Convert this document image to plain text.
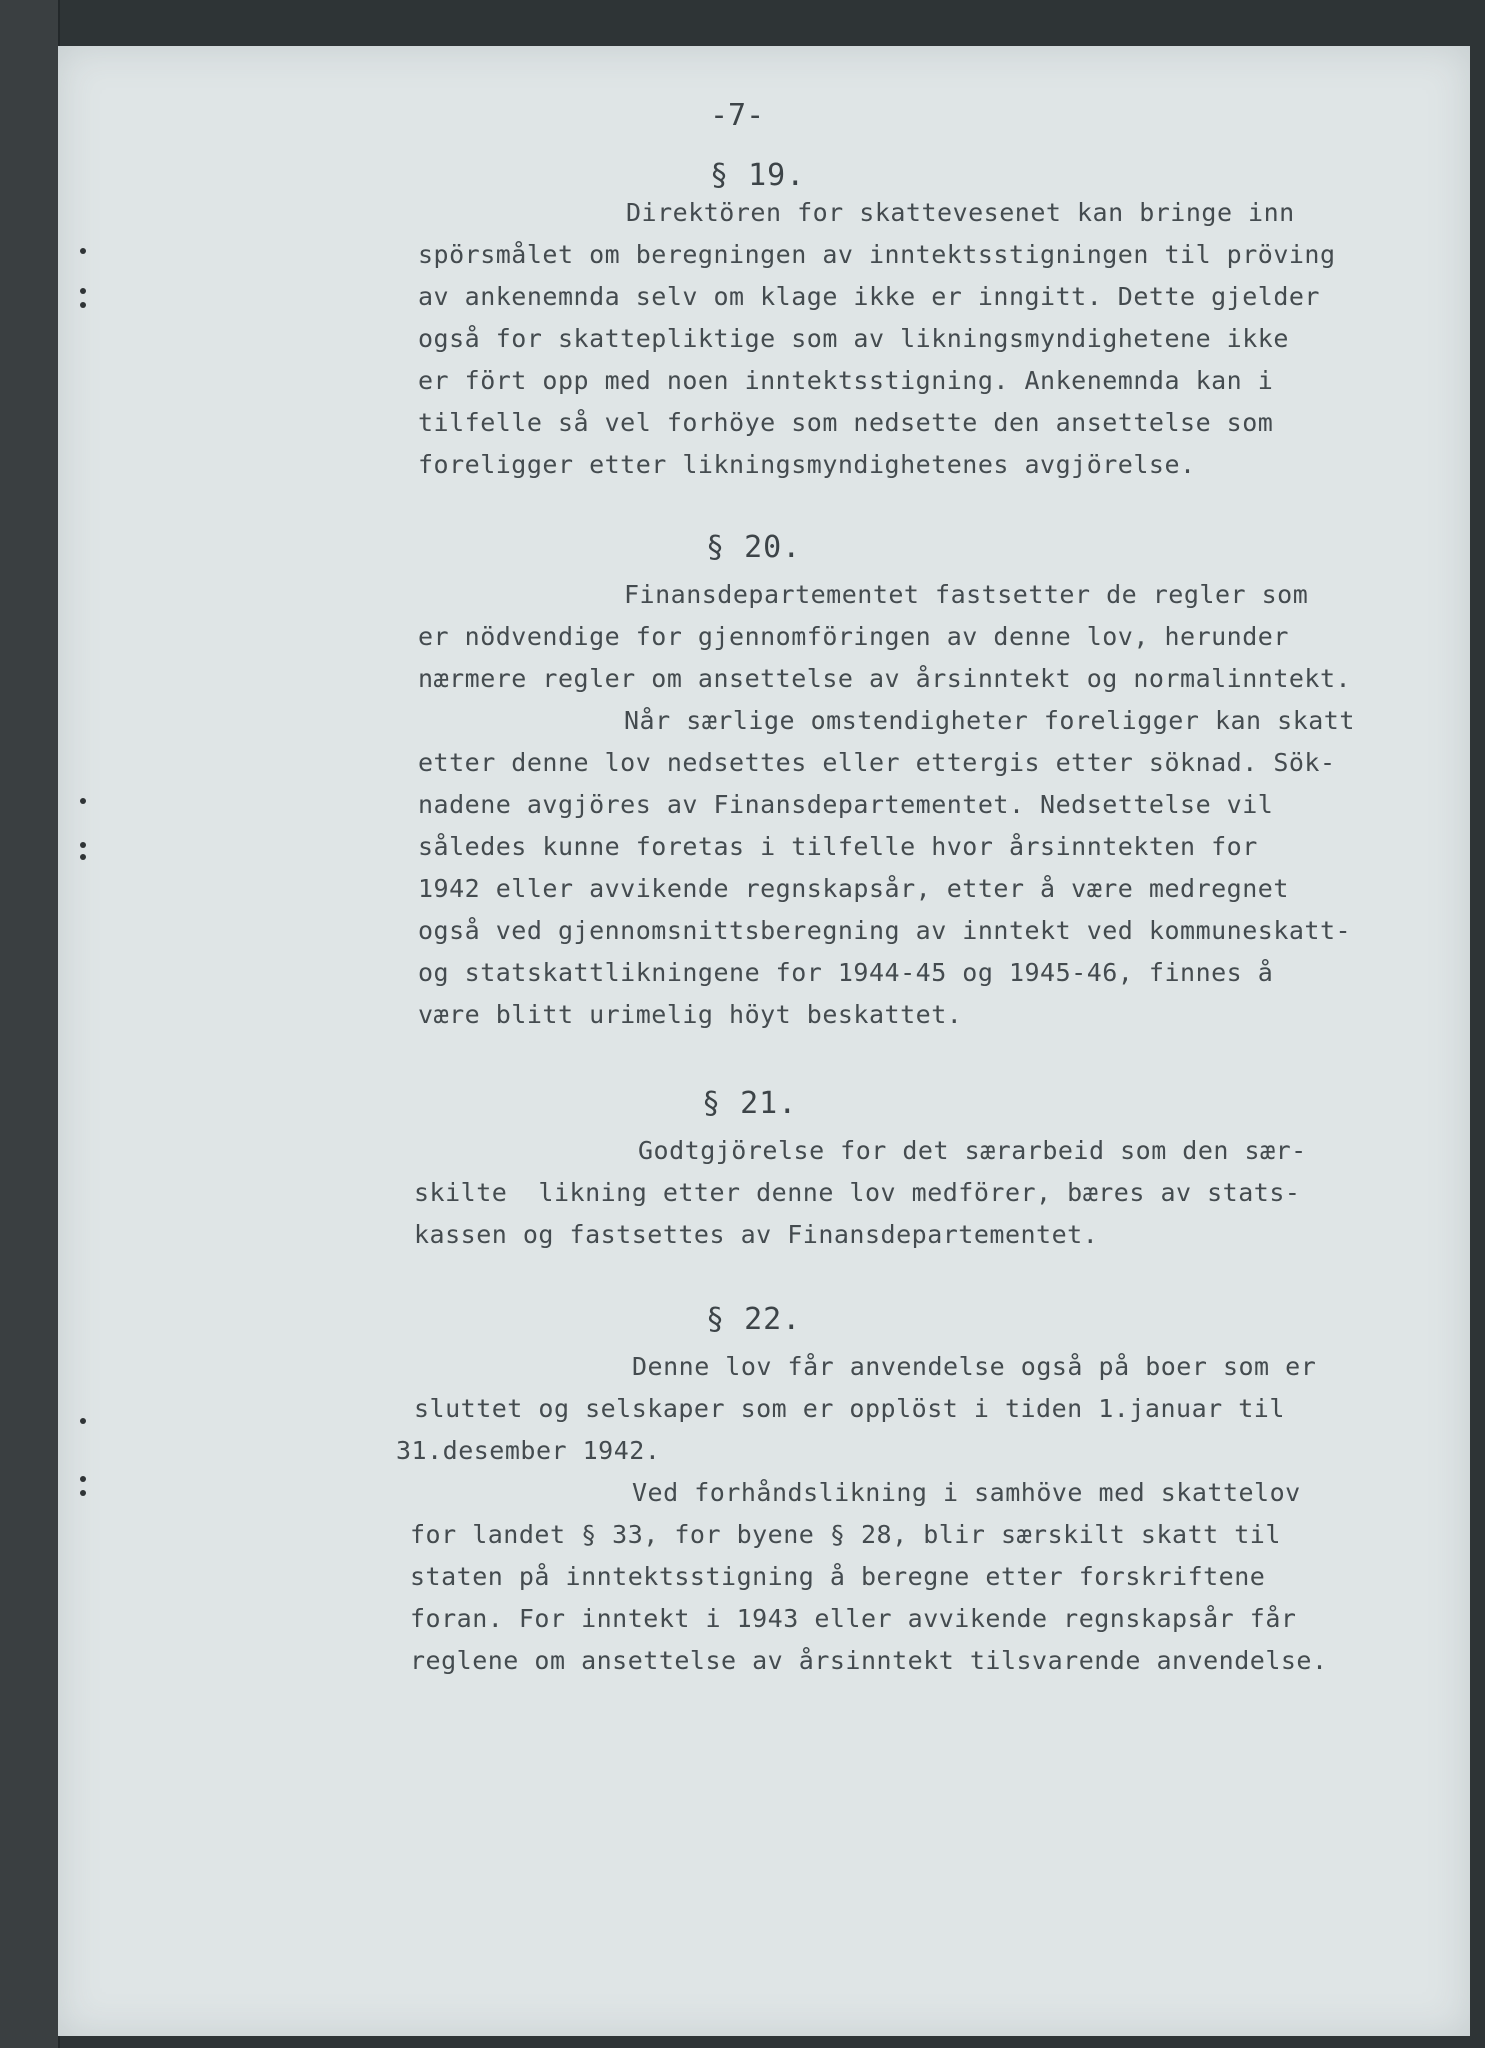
-7-
§ 19.
Direktören for skattevesenet kan bringe inn
spörsmålet om beregningen av inntektsstigningen til pröving
av ankenemnda selv om klage ikke er inngitt. Dette gjelder
også for skattepliktige som av likningsmyndighetene ikke
er fört opp med noen inntektsstigning. Ankenemnda kan i
tilfelle så vel forhöye som nedsette den ansettelse som
foreligger etter likningsmyndighetenes avgjörelse.
§ 20.
Finansdepartementet fastsetter de regler som
er nödvendige for gjennomföringen av denne lov, herunder
nærmere regler om ansettelse av årsinntekt og normalinntekt.
Når særlige omstendigheter foreligger kan skatt
etter denne lov nedsettes eller ettergis etter söknad. Sök-
nadene avgjöres av Finansdepartementet. Nedsettelse vil
således kunne foretas i tilfelle hvor årsinntekten for
1942 eller avvikende regnskapsår, etter å være medregnet
også ved gjennomsnittsberegning av inntekt ved kommuneskatt-
og statskattlikningene for 1944-45 og 1945-46, finnes å
være blitt urimelig höyt beskattet.
§ 21.
Godtgjörelse for det særarbeid som den sær-
skilte  likning etter denne lov medförer, bæres av stats-
kassen og fastsettes av Finansdepartementet.
§ 22.
Denne lov får anvendelse også på boer som er
sluttet og selskaper som er opplöst i tiden 1.januar til
31.desember 1942.
Ved forhåndslikning i samhöve med skattelov
for landet § 33, for byene § 28, blir særskilt skatt til
staten på inntektsstigning å beregne etter forskriftene
foran. For inntekt i 1943 eller avvikende regnskapsår får
reglene om ansettelse av årsinntekt tilsvarende anvendelse.
